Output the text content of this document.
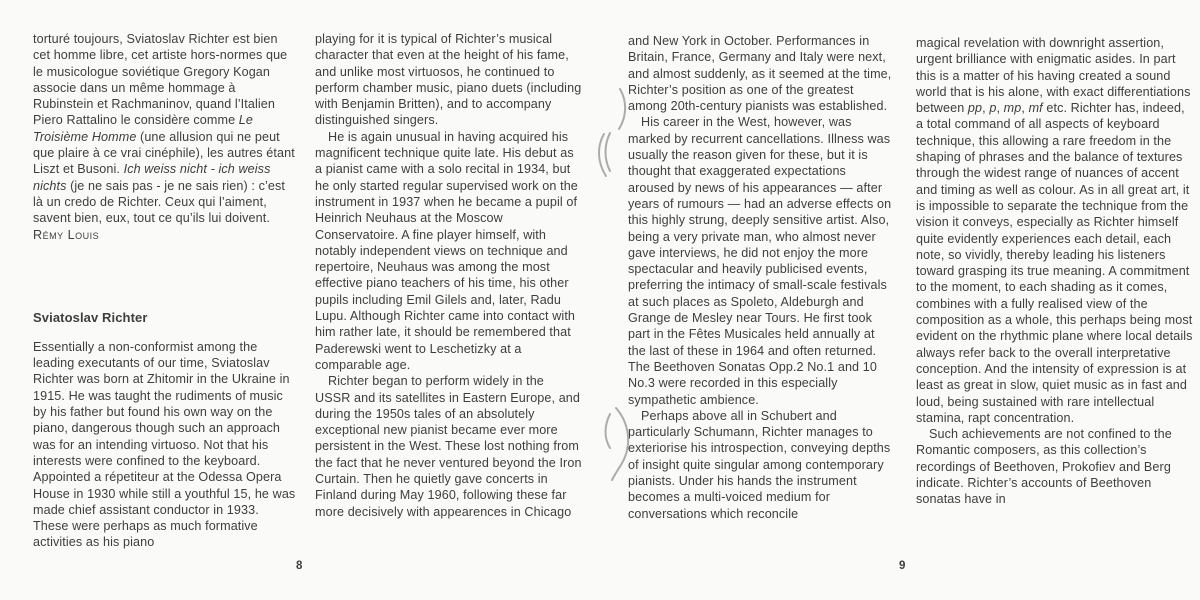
torturé toujours, Sviatoslav Richter est bien cet homme libre, cet artiste hors-normes que le musicologue soviétique Gregory Kogan associe dans un même hommage à Rubinstein et Rachmaninov, quand l’Italien Piero Rattalino le considère comme Le Troisième Homme (une allusion qui ne peut que plaire à ce vrai cinéphile), les autres étant Liszt et Busoni. Ich weiss nicht - ich weiss nichts (je ne sais pas - je ne sais rien) : c’est là un credo de Richter. Ceux qui l’aiment, savent bien, eux, tout ce qu’ils lui doivent.

Rémy Louis

Sviatoslav Richter

Essentially a non-conformist among the leading executants of our time, Sviatoslav Richter was born at Zhitomir in the Ukraine in 1915. He was taught the rudiments of music by his father but found his own way on the piano, dangerous though such an approach was for an intending virtuoso. Not that his interests were confined to the keyboard. Appointed a répetiteur at the Odessa Opera House in 1930 while still a youthful 15, he was made chief assistant conductor in 1933. These were perhaps as much formative activities as his piano

playing for it is typical of Richter’s musical character that even at the height of his fame, and unlike most virtuosos, he continued to perform chamber music, piano duets (including with Benjamin Britten), and to accompany distinguished singers.

He is again unusual in having acquired his magnificent technique quite late. His debut as a pianist came with a solo recital in 1934, but he only started regular supervised work on the instrument in 1937 when he became a pupil of Heinrich Neuhaus at the Moscow Conservatoire. A fine player himself, with notably independent views on technique and repertoire, Neuhaus was among the most effective piano teachers of his time, his other pupils including Emil Gilels and, later, Radu Lupu. Although Richter came into contact with him rather late, it should be remembered that Paderewski went to Leschetizky at a comparable age.

Richter began to perform widely in the USSR and its satellites in Eastern Europe, and during the 1950s tales of an absolutely exceptional new pianist became ever more persistent in the West. These lost nothing from the fact that he never ventured beyond the Iron Curtain. Then he quietly gave concerts in Finland during May 1960, following these far more decisively with appearences in Chicago

8

and New York in October. Performances in Britain, France, Germany and Italy were next, and almost suddenly, as it seemed at the time, Richter’s position as one of the greatest among 20th-century pianists was established.

His career in the West, however, was marked by recurrent cancellations. Illness was usually the reason given for these, but it is thought that exaggerated expectations aroused by news of his appearances — after years of rumours — had an adverse effects on this highly strung, deeply sensitive artist. Also, being a very private man, who almost never gave interviews, he did not enjoy the more spectacular and heavily publicised events, preferring the intimacy of small-scale festivals at such places as Spoleto, Aldeburgh and Grange de Mesley near Tours. He first took part in the Fêtes Musicales held annually at the last of these in 1964 and often returned. The Beethoven Sonatas Opp.2 No.1 and 10 No.3 were recorded in this especially sympathetic ambience.

Perhaps above all in Schubert and particularly Schumann, Richter manages to exteriorise his introspection, conveying depths of insight quite singular among contemporary pianists. Under his hands the instrument becomes a multi-voiced medium for conversations which reconcile

magical revelation with downright assertion, urgent brilliance with enigmatic asides. In part this is a matter of his having created a sound world that is his alone, with exact differentiations between pp, p, mp, mf etc. Richter has, indeed, a total command of all aspects of keyboard technique, this allowing a rare freedom in the shaping of phrases and the balance of textures through the widest range of nuances of accent and timing as well as colour. As in all great art, it is impossible to separate the technique from the vision it conveys, especially as Richter himself quite evidently experiences each detail, each note, so vividly, thereby leading his listeners toward grasping its true meaning. A commitment to the moment, to each shading as it comes, combines with a fully realised view of the composition as a whole, this perhaps being most evident on the rhythmic plane where local details always refer back to the overall interpretative conception. And the intensity of expression is at least as great in slow, quiet music as in fast and loud, being sustained with rare intellectual stamina, rapt concentration.

Such achievements are not confined to the Romantic composers, as this collection’s recordings of Beethoven, Prokofiev and Berg indicate. Richter’s accounts of Beethoven sonatas have in

9
